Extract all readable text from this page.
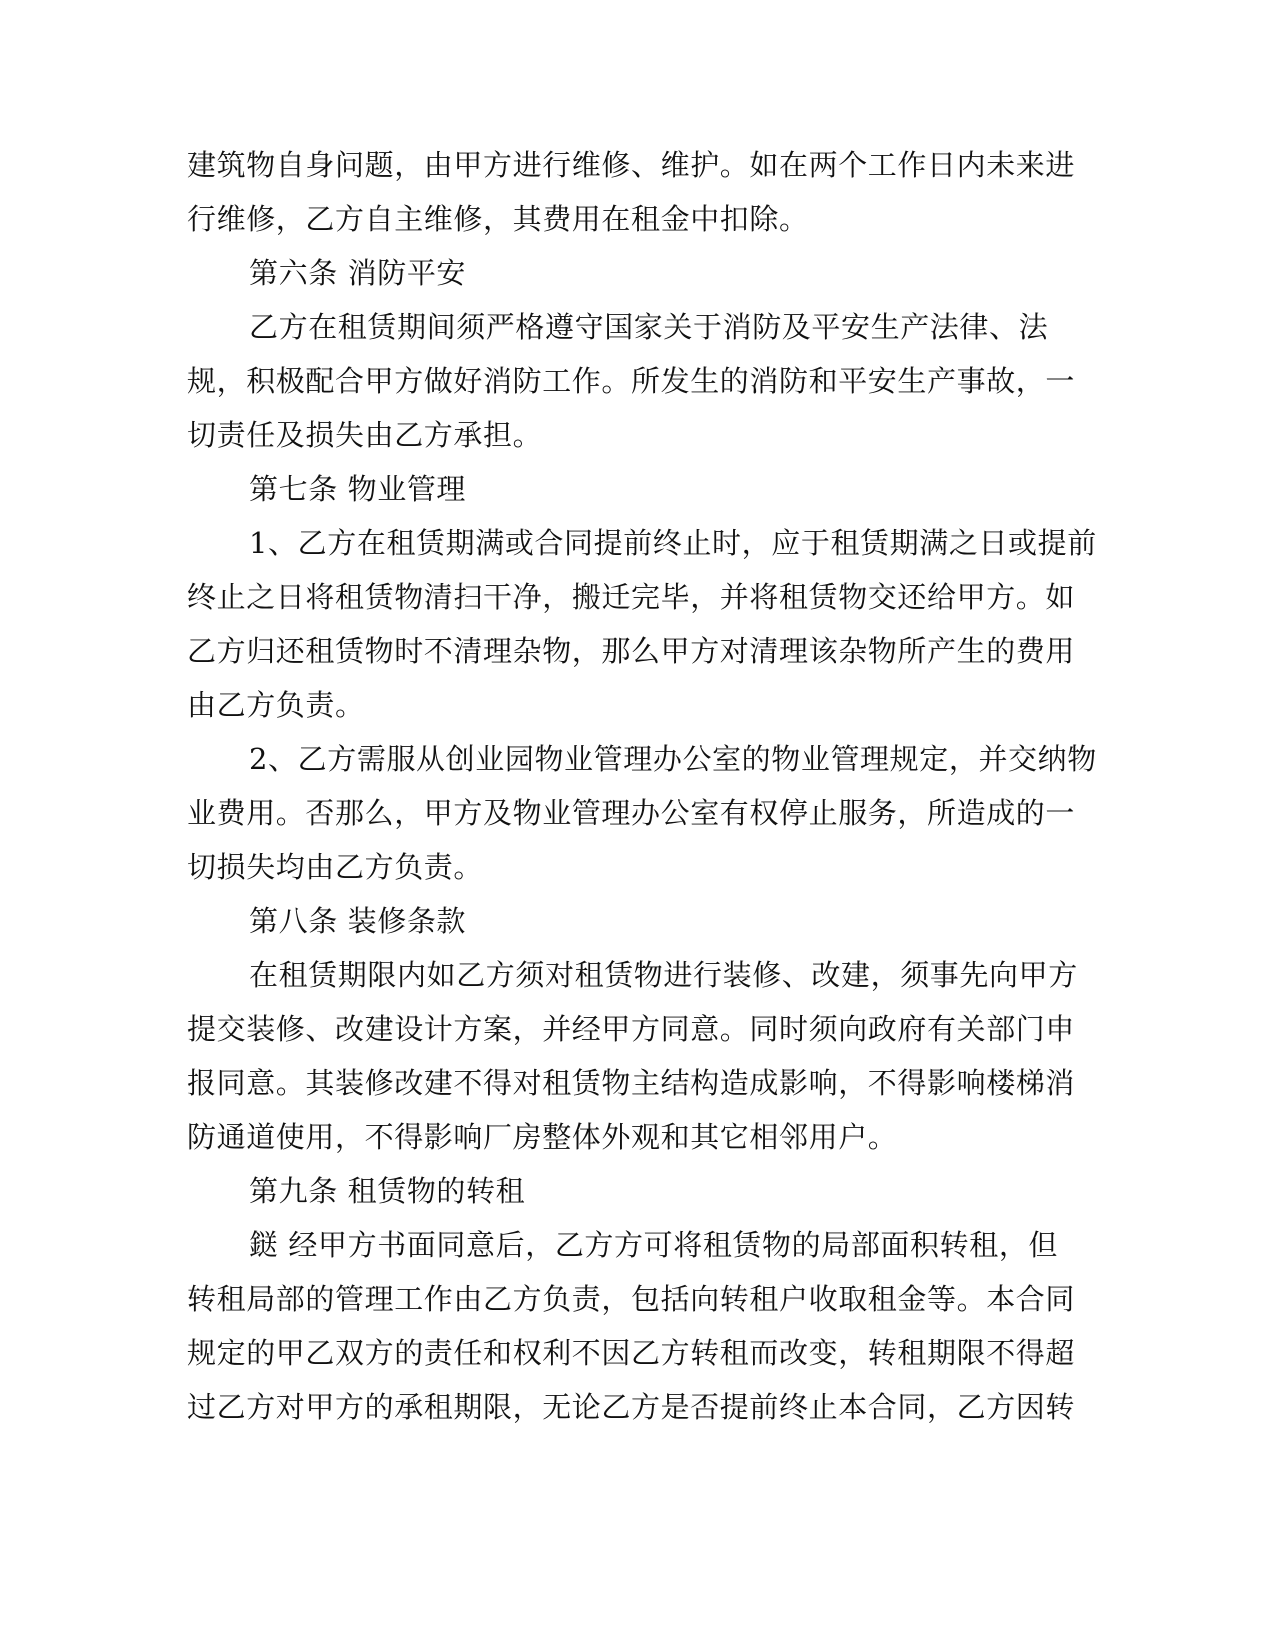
建筑物自身问题，由甲方进行维修、维护。如在两个工作日内未来进
行维修，乙方自主维修，其费用在租金中扣除。
第六条 消防平安
乙方在租赁期间须严格遵守国家关于消防及平安生产法律、法
规，积极配合甲方做好消防工作。所发生的消防和平安生产事故，一
切责任及损失由乙方承担。
第七条 物业管理
1、乙方在租赁期满或合同提前终止时，应于租赁期满之日或提前
终止之日将租赁物清扫干净，搬迁完毕，并将租赁物交还给甲方。如
乙方归还租赁物时不清理杂物，那么甲方对清理该杂物所产生的费用
由乙方负责。
2、乙方需服从创业园物业管理办公室的物业管理规定，并交纳物
业费用。否那么，甲方及物业管理办公室有权停止服务，所造成的一
切损失均由乙方负责。
第八条 装修条款
在租赁期限内如乙方须对租赁物进行装修、改建，须事先向甲方
提交装修、改建设计方案，并经甲方同意。同时须向政府有关部门申
报同意。其装修改建不得对租赁物主结构造成影响，不得影响楼梯消
防通道使用，不得影响厂房整体外观和其它相邻用户。
第九条 租赁物的转租
鎹 经甲方书面同意后，乙方方可将租赁物的局部面积转租，但
转租局部的管理工作由乙方负责，包括向转租户收取租金等。本合同
规定的甲乙双方的责任和权利不因乙方转租而改变，转租期限不得超
过乙方对甲方的承租期限，无论乙方是否提前终止本合同，乙方因转
